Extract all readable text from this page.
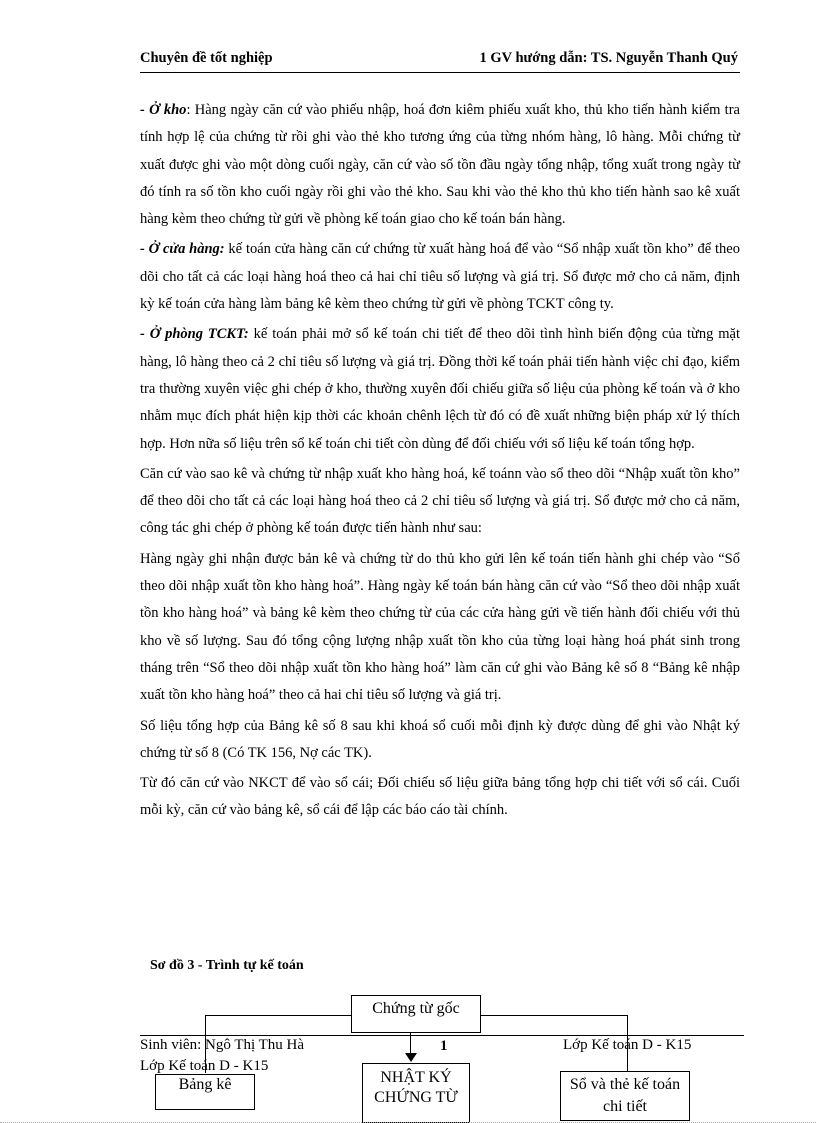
Chuyên đề tốt nghiệp	1 GV hướng dẫn: TS. Nguyễn Thanh Quý

- Ở kho: Hàng ngày căn cứ vào phiếu nhập, hoá đơn kiêm phiếu xuất kho, thủ kho tiến hành kiểm tra tính hợp lệ của chứng từ rồi ghi vào thẻ kho tương ứng của từng nhóm hàng, lô hàng. Mỗi chứng từ xuất được ghi vào một dòng cuối ngày, căn cứ vào số tồn đầu ngày tổng nhập, tổng xuất trong ngày từ đó tính ra số tồn kho cuối ngày rồi ghi vào thẻ kho. Sau khi vào thẻ kho thủ kho tiến hành sao kê xuất hàng kèm theo chứng từ gửi về phòng kế toán giao cho kế toán bán hàng.

- Ở cửa hàng: kế toán cửa hàng căn cứ chứng từ xuất hàng hoá để vào “Sổ nhập xuất tồn kho” để theo dõi cho tất cả các loại hàng hoá theo cả hai chỉ tiêu số lượng và giá trị. Sổ được mở cho cả năm, định kỳ kế toán cửa hàng làm bảng kê kèm theo chứng từ gửi về phòng TCKT công ty.

- Ở phòng TCKT: kế toán phải mở sổ kế toán chi tiết để theo dõi tình hình biến động của từng mặt hàng, lô hàng theo cả 2 chỉ tiêu số lượng và giá trị. Đồng thời kế toán phải tiến hành việc chỉ đạo, kiểm tra thường xuyên việc ghi chép ở kho, thường xuyên đối chiếu giữa số liệu của phòng kế toán và ở kho nhằm mục đích phát hiện kịp thời các khoản chênh lệch từ đó có đề xuất những biện pháp xử lý thích hợp. Hơn nữa số liệu trên sổ kế toán chi tiết còn dùng để đối chiếu với số liệu kế toán tổng hợp.

Căn cứ vào sao kê và chứng từ nhập xuất kho hàng hoá, kế toánn vào sổ theo dõi “Nhập xuất tồn kho” để theo dõi cho tất cả các loại hàng hoá theo cả 2 chỉ tiêu số lượng và giá trị. Sổ được mở cho cả năm, công tác ghi chép ở phòng kế toán được tiến hành như sau:

Hàng ngày ghi nhận được bản kê và chứng từ do thủ kho gửi lên kế toán tiến hành ghi chép vào “Sổ theo dõi nhập xuất tồn kho hàng hoá”. Hàng ngày kế toán bán hàng căn cứ vào “Sổ theo dõi nhập xuất tồn kho hàng hoá” và bảng kê kèm theo chứng từ của các cửa hàng gửi về tiến hành đối chiếu với thủ kho về số lượng. Sau đó tổng cộng lượng nhập xuất tồn kho của từng loại hàng hoá phát sinh trong tháng trên “Sổ theo dõi nhập xuất tồn kho hàng hoá” làm căn cứ ghi vào Bảng kê số 8 “Bảng kê nhập xuất tồn kho hàng hoá” theo cả hai chỉ tiêu số lượng và giá trị.

Số liệu tổng hợp của Bảng kê số 8 sau khi khoá sổ cuối mỗi định kỳ được dùng để ghi vào Nhật ký chứng từ số 8 (Có TK 156, Nợ các TK).

Từ đó căn cứ vào NKCT để vào sổ cái; Đối chiếu số liệu giữa bảng tổng hợp chi tiết với sổ cái. Cuối mỗi kỳ, căn cứ vào bảng kê, sổ cái để lập các báo cáo tài chính.

Sơ đồ 3 - Trình tự kế toán
Chứng từ gốc
Sinh viên: Ngô Thị Thu Hà
Lớp Kế toán D - K15
1	Lớp Kế toán D - K15
Bảng kê	NHẬT KÝ CHỨNG TỪ
Sổ và thẻ kế toán chi tiết
